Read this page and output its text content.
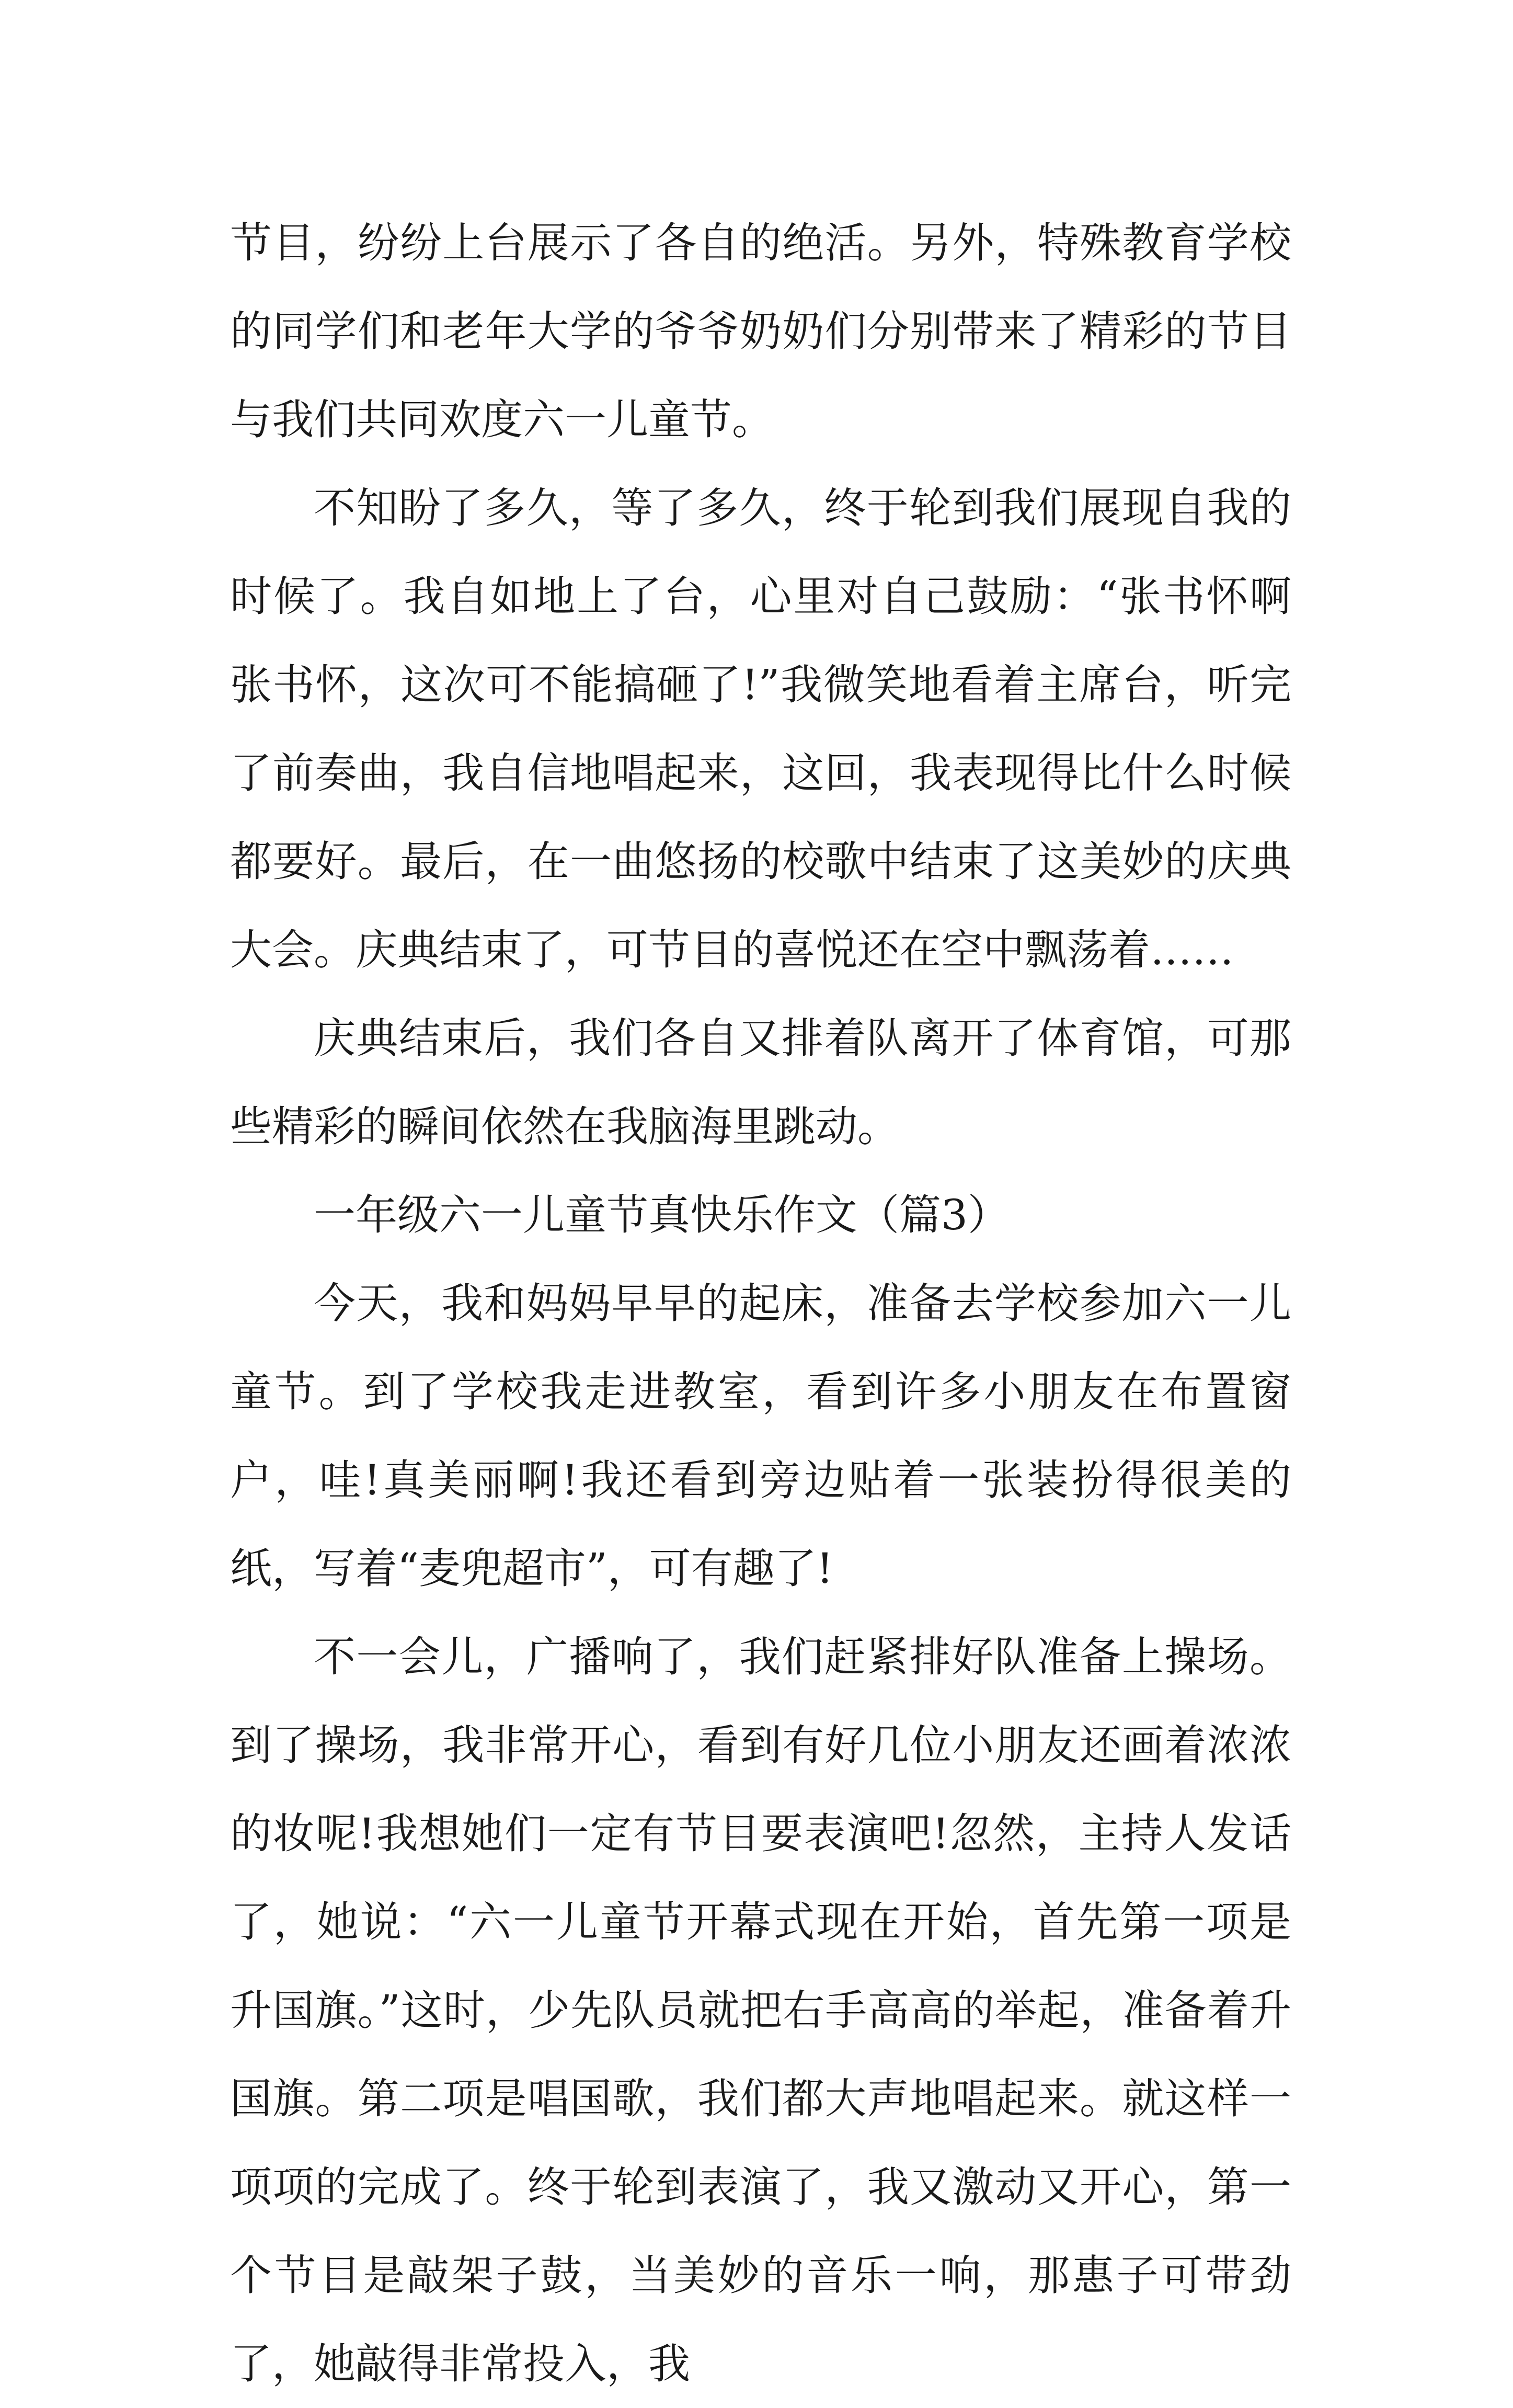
节目，纷纷上台展示了各自的绝活。另外，特殊教育学校的同学们和老年大学的爷爷奶奶们分别带来了精彩的节目与我们共同欢度六一儿童节。

不知盼了多久，等了多久，终于轮到我们展现自我的时候了。我自如地上了台，心里对自己鼓励：“张书怀啊张书怀，这次可不能搞砸了!”我微笑地看着主席台，听完了前奏曲，我自信地唱起来，这回，我表现得比什么时候都要好。最后，在一曲悠扬的校歌中结束了这美妙的庆典大会。庆典结束了，可节目的喜悦还在空中飘荡着……

庆典结束后，我们各自又排着队离开了体育馆，可那些精彩的瞬间依然在我脑海里跳动。

一年级六一儿童节真快乐作文（篇3）

今天，我和妈妈早早的起床，准备去学校参加六一儿童节。到了学校我走进教室，看到许多小朋友在布置窗户，哇!真美丽啊!我还看到旁边贴着一张装扮得很美的纸，写着“麦兜超市”，可有趣了!

不一会儿，广播响了，我们赶紧排好队准备上操场。到了操场，我非常开心，看到有好几位小朋友还画着浓浓的妆呢!我想她们一定有节目要表演吧!忽然，主持人发话了，她说：“六一儿童节开幕式现在开始，首先第一项是升国旗。”这时，少先队员就把右手高高的举起，准备着升国旗。第二项是唱国歌，我们都大声地唱起来。就这样一项项的完成了。终于轮到表演了，我又激动又开心，第一个节目是敲架子鼓，当美妙的音乐一响，那惠子可带劲了，她敲得非常投入，我
